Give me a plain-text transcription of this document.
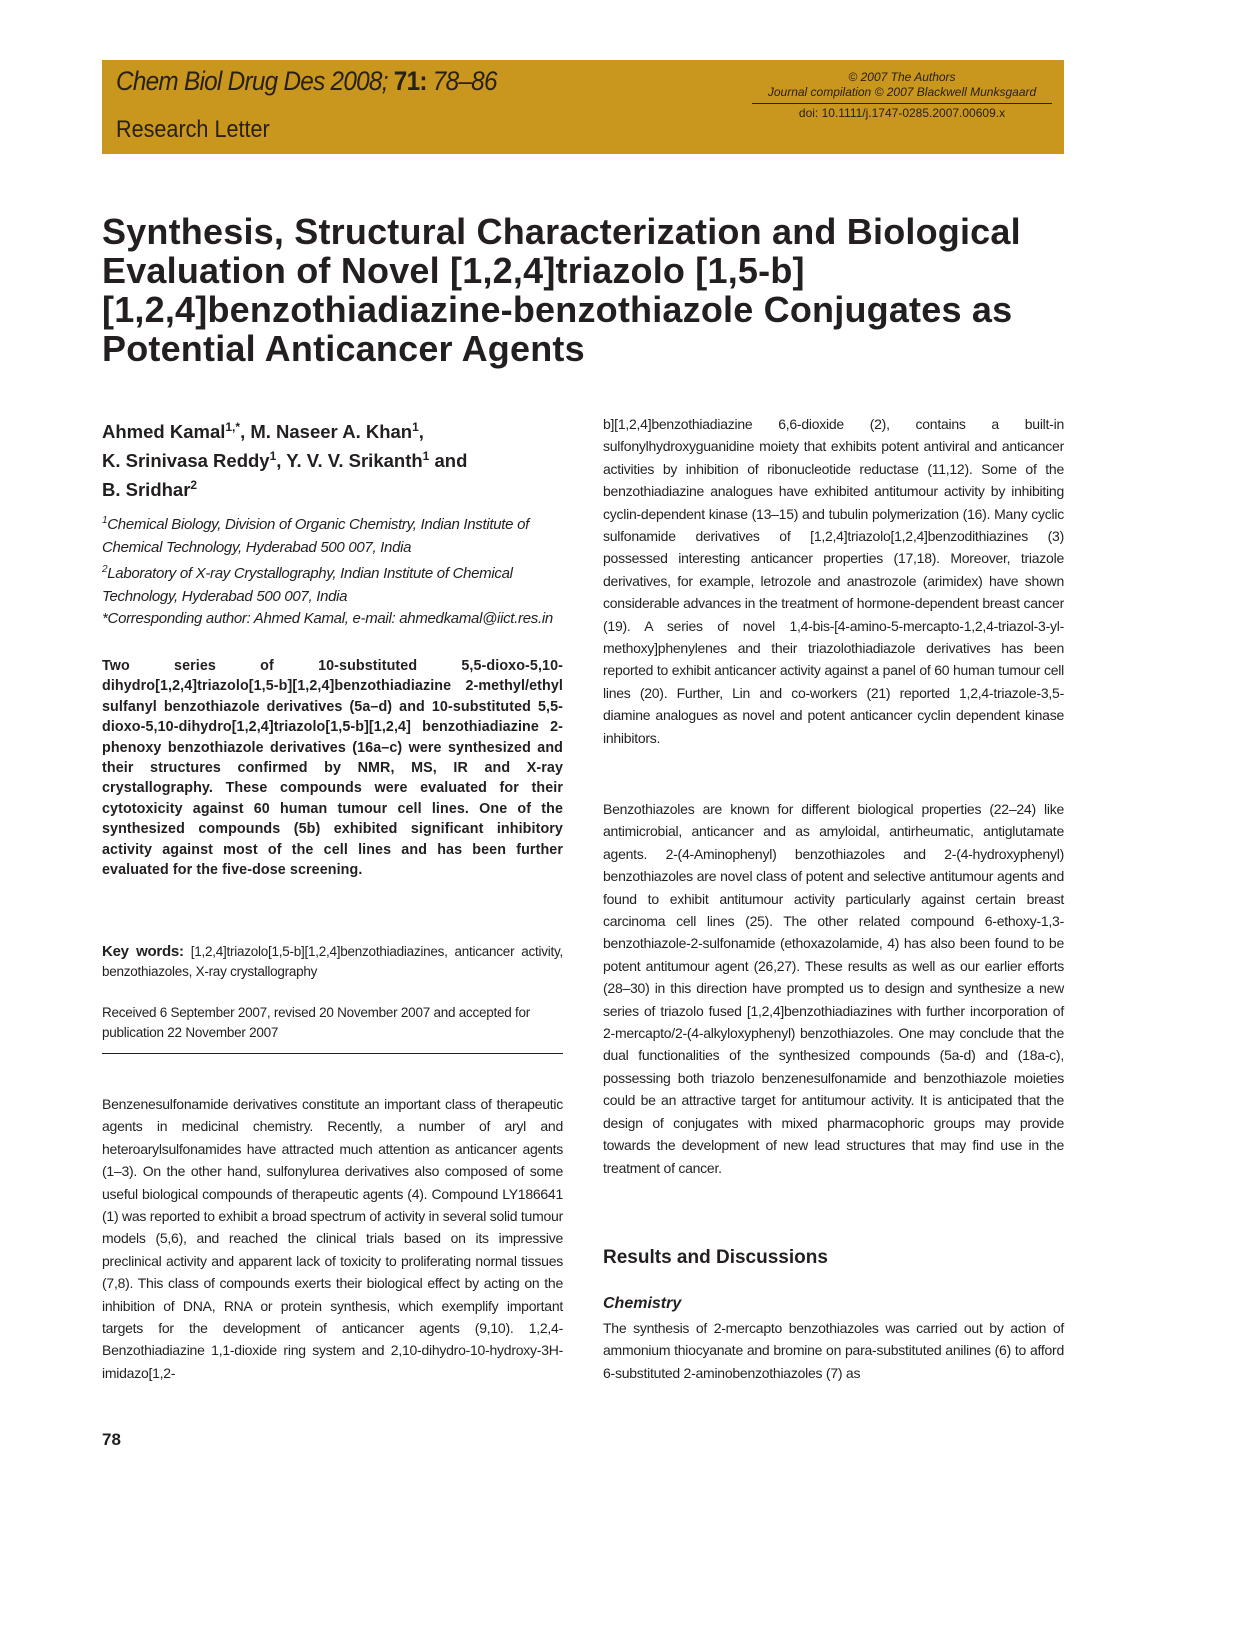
Chem Biol Drug Des 2008; 71: 78–86
Research Letter
© 2007 The Authors
Journal compilation © 2007 Blackwell Munksgaard
doi: 10.1111/j.1747-0285.2007.00609.x
Synthesis, Structural Characterization and Biological Evaluation of Novel [1,2,4]triazolo [1,5-b][1,2,4]benzothiadiazine-benzothiazole Conjugates as Potential Anticancer Agents
Ahmed Kamal$^{1,*}$, M. Naseer A. Khan$^1$,
K. Srinivasa Reddy$^1$, Y. V. V. Srikanth$^1$ and
B. Sridhar$^2$
$^1$Chemical Biology, Division of Organic Chemistry, Indian Institute of Chemical Technology, Hyderabad 500 007, India
$^2$Laboratory of X-ray Crystallography, Indian Institute of Chemical Technology, Hyderabad 500 007, India
*Corresponding author: Ahmed Kamal, e-mail: ahmedkamal@iict.res.in
Two series of 10-substituted 5,5-dioxo-5,10-dihydro[1,2,4]triazolo[1,5-b][1,2,4]benzothiadiazine 2-methyl/ethyl sulfanyl benzothiazole derivatives (5a–d) and 10-substituted 5,5-dioxo-5,10-dihydro[1,2,4]triazolo[1,5-b][1,2,4] benzothiadiazine 2-phenoxy benzothiazole derivatives (16a–c) were synthesized and their structures confirmed by NMR, MS, IR and X-ray crystallography. These compounds were evaluated for their cytotoxicity against 60 human tumour cell lines. One of the synthesized compounds (5b) exhibited significant inhibitory activity against most of the cell lines and has been further evaluated for the five-dose screening.
Key words: [1,2,4]triazolo[1,5-b][1,2,4]benzothiadiazines, anticancer activity, benzothiazoles, X-ray crystallography
Received 6 September 2007, revised 20 November 2007 and accepted for publication 22 November 2007
Benzenesulfonamide derivatives constitute an important class of therapeutic agents in medicinal chemistry. Recently, a number of aryl and heteroarylsulfonamides have attracted much attention as anticancer agents (1–3). On the other hand, sulfonylurea derivatives also composed of some useful biological compounds of therapeutic agents (4). Compound LY186641 (1) was reported to exhibit a broad spectrum of activity in several solid tumour models (5,6), and reached the clinical trials based on its impressive preclinical activity and apparent lack of toxicity to proliferating normal tissues (7,8). This class of compounds exerts their biological effect by acting on the inhibition of DNA, RNA or protein synthesis, which exemplify important targets for the development of anticancer agents (9,10). 1,2,4-Benzothiadiazine 1,1-dioxide ring system and 2,10-dihydro-10-hydroxy-3H-imidazo[1,2-
b][1,2,4]benzothiadiazine 6,6-dioxide (2), contains a built-in sulfonylhydroxyguanidine moiety that exhibits potent antiviral and anticancer activities by inhibition of ribonucleotide reductase (11,12). Some of the benzothiadiazine analogues have exhibited antitumour activity by inhibiting cyclin-dependent kinase (13–15) and tubulin polymerization (16). Many cyclic sulfonamide derivatives of [1,2,4]triazolo[1,2,4]benzodithiazines (3) possessed interesting anticancer properties (17,18). Moreover, triazole derivatives, for example, letrozole and anastrozole (arimidex) have shown considerable advances in the treatment of hormone-dependent breast cancer (19). A series of novel 1,4-bis-[4-amino-5-mercapto-1,2,4-triazol-3-yl-methoxy]phenylenes and their triazolothiadiazole derivatives has been reported to exhibit anticancer activity against a panel of 60 human tumour cell lines (20). Further, Lin and co-workers (21) reported 1,2,4-triazole-3,5-diamine analogues as novel and potent anticancer cyclin dependent kinase inhibitors.
Benzothiazoles are known for different biological properties (22–24) like antimicrobial, anticancer and as amyloidal, antirheumatic, antiglutamate agents. 2-(4-Aminophenyl) benzothiazoles and 2-(4-hydroxyphenyl) benzothiazoles are novel class of potent and selective antitumour agents and found to exhibit antitumour activity particularly against certain breast carcinoma cell lines (25). The other related compound 6-ethoxy-1,3-benzothiazole-2-sulfonamide (ethoxazolamide, 4) has also been found to be potent antitumour agent (26,27). These results as well as our earlier efforts (28–30) in this direction have prompted us to design and synthesize a new series of triazolo fused [1,2,4]benzothiadiazines with further incorporation of 2-mercapto/2-(4-alkyloxyphenyl) benzothiazoles. One may conclude that the dual functionalities of the synthesized compounds (5a-d) and (18a-c), possessing both triazolo benzenesulfonamide and benzothiazole moieties could be an attractive target for antitumour activity. It is anticipated that the design of conjugates with mixed pharmacophoric groups may provide towards the development of new lead structures that may find use in the treatment of cancer.
Results and Discussions
Chemistry
The synthesis of 2-mercapto benzothiazoles was carried out by action of ammonium thiocyanate and bromine on para-substituted anilines (6) to afford 6-substituted 2-aminobenzothiazoles (7) as
78
